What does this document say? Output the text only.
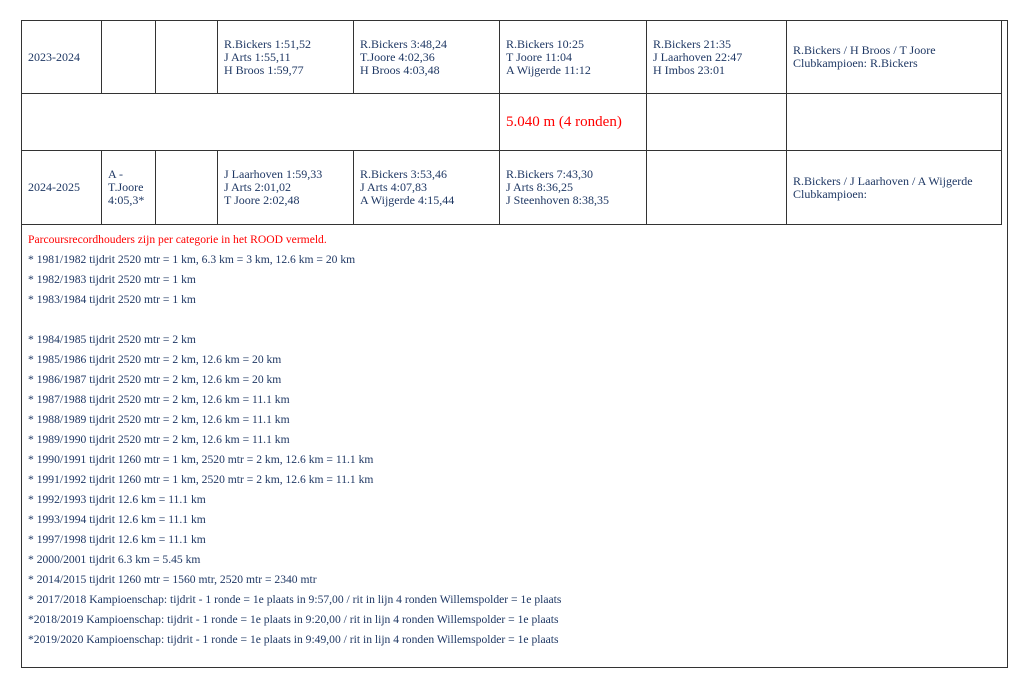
2023-2024			R.Bickers 1:51,52
J Arts 1:55,11
H Broos 1:59,77	R.Bickers 3:48,24
T.Joore 4:02,36
H Broos 4:03,48	R.Bickers 10:25
T Joore 11:04
A Wijgerde 11:12	R.Bickers 21:35
J Laarhoven 22:47
H Imbos 23:01	R.Bickers / H Broos / T Joore
Clubkampioen: R.Bickers

					5.040 m (4 ronden)		
2024-2025	A -
T.Joore
4:05,3*		J Laarhoven 1:59,33
J Arts 2:01,02
T Joore 2:02,48	R.Bickers 3:53,46
J Arts 4:07,83
A Wijgerde 4:15,44	R.Bickers 7:43,30
J Arts 8:36,25
J Steenhoven 8:38,35		R.Bickers / J Laarhoven / A Wijgerde
Clubkampioen:
Parcoursrecordhouders zijn per categorie in het ROOD vermeld.
* 1981/1982 tijdrit 2520 mtr = 1 km, 6.3 km = 3 km, 12.6 km = 20 km
* 1982/1983 tijdrit 2520 mtr = 1 km
* 1983/1984 tijdrit 2520 mtr = 1 km
* 1984/1985 tijdrit 2520 mtr = 2 km
* 1985/1986 tijdrit 2520 mtr = 2 km, 12.6 km = 20 km
* 1986/1987 tijdrit 2520 mtr = 2 km, 12.6 km = 20 km
* 1987/1988 tijdrit 2520 mtr = 2 km, 12.6 km = 11.1 km
* 1988/1989 tijdrit 2520 mtr = 2 km, 12.6 km = 11.1 km
* 1989/1990 tijdrit 2520 mtr = 2 km, 12.6 km = 11.1 km
* 1990/1991 tijdrit 1260 mtr = 1 km, 2520 mtr = 2 km, 12.6 km = 11.1 km
* 1991/1992 tijdrit 1260 mtr = 1 km, 2520 mtr = 2 km, 12.6 km = 11.1 km
* 1992/1993 tijdrit 12.6 km = 11.1 km
* 1993/1994 tijdrit 12.6 km = 11.1 km
* 1997/1998 tijdrit 12.6 km = 11.1 km
* 2000/2001 tijdrit 6.3 km = 5.45 km
* 2014/2015 tijdrit 1260 mtr = 1560 mtr, 2520 mtr = 2340 mtr
* 2017/2018 Kampioenschap: tijdrit - 1 ronde = 1e plaats in 9:57,00 / rit in lijn 4 ronden Willemspolder = 1e plaats
*2018/2019 Kampioenschap: tijdrit - 1 ronde = 1e plaats in 9:20,00 / rit in lijn 4 ronden Willemspolder = 1e plaats
*2019/2020 Kampioenschap: tijdrit - 1 ronde = 1e plaats in 9:49,00 / rit in lijn 4 ronden Willemspolder = 1e plaats
